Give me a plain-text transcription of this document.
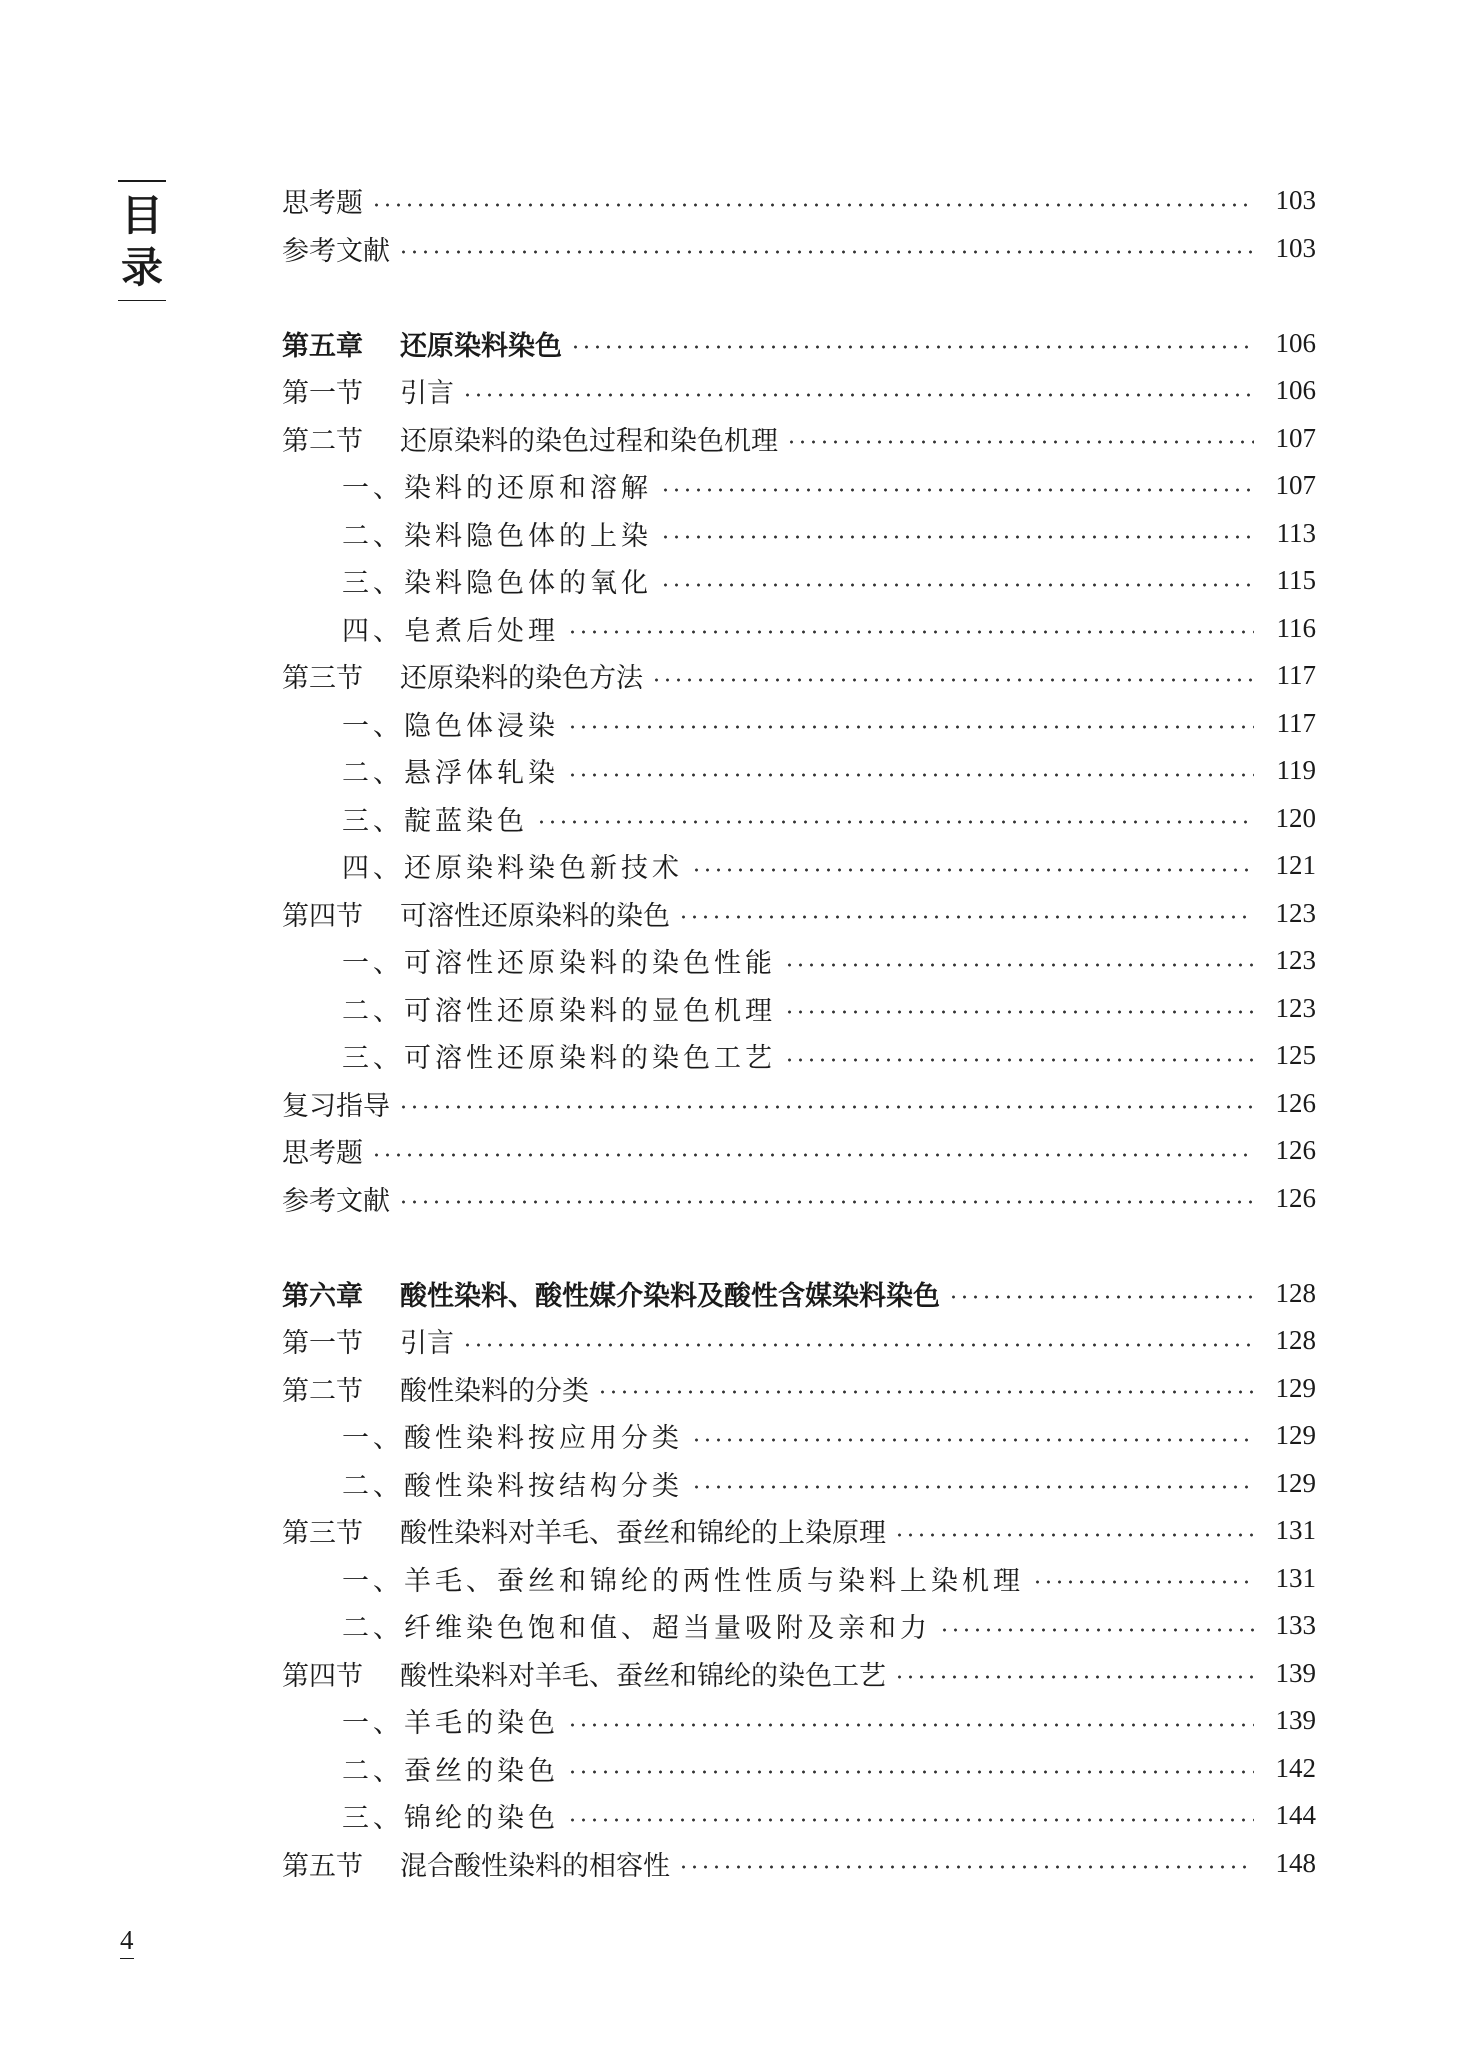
目
录
思考题	103
参考文献	103
第五章	还原染料染色	106
第一节	引言	106
第二节	还原染料的染色过程和染色机理	107
一、染料的还原和溶解	107
二、染料隐色体的上染	113
三、染料隐色体的氧化	115
四、皂煮后处理	116
第三节	还原染料的染色方法	117
一、隐色体浸染	117
二、悬浮体轧染	119
三、靛蓝染色	120
四、还原染料染色新技术	121
第四节	可溶性还原染料的染色	123
一、可溶性还原染料的染色性能	123
二、可溶性还原染料的显色机理	123
三、可溶性还原染料的染色工艺	125
复习指导	126
思考题	126
参考文献	126
第六章	酸性染料、酸性媒介染料及酸性含媒染料染色	128
第一节	引言	128
第二节	酸性染料的分类	129
一、酸性染料按应用分类	129
二、酸性染料按结构分类	129
第三节	酸性染料对羊毛、蚕丝和锦纶的上染原理	131
一、羊毛、蚕丝和锦纶的两性性质与染料上染机理	131
二、纤维染色饱和值、超当量吸附及亲和力	133
第四节	酸性染料对羊毛、蚕丝和锦纶的染色工艺	139
一、羊毛的染色	139
二、蚕丝的染色	142
三、锦纶的染色	144
第五节	混合酸性染料的相容性	148
4
